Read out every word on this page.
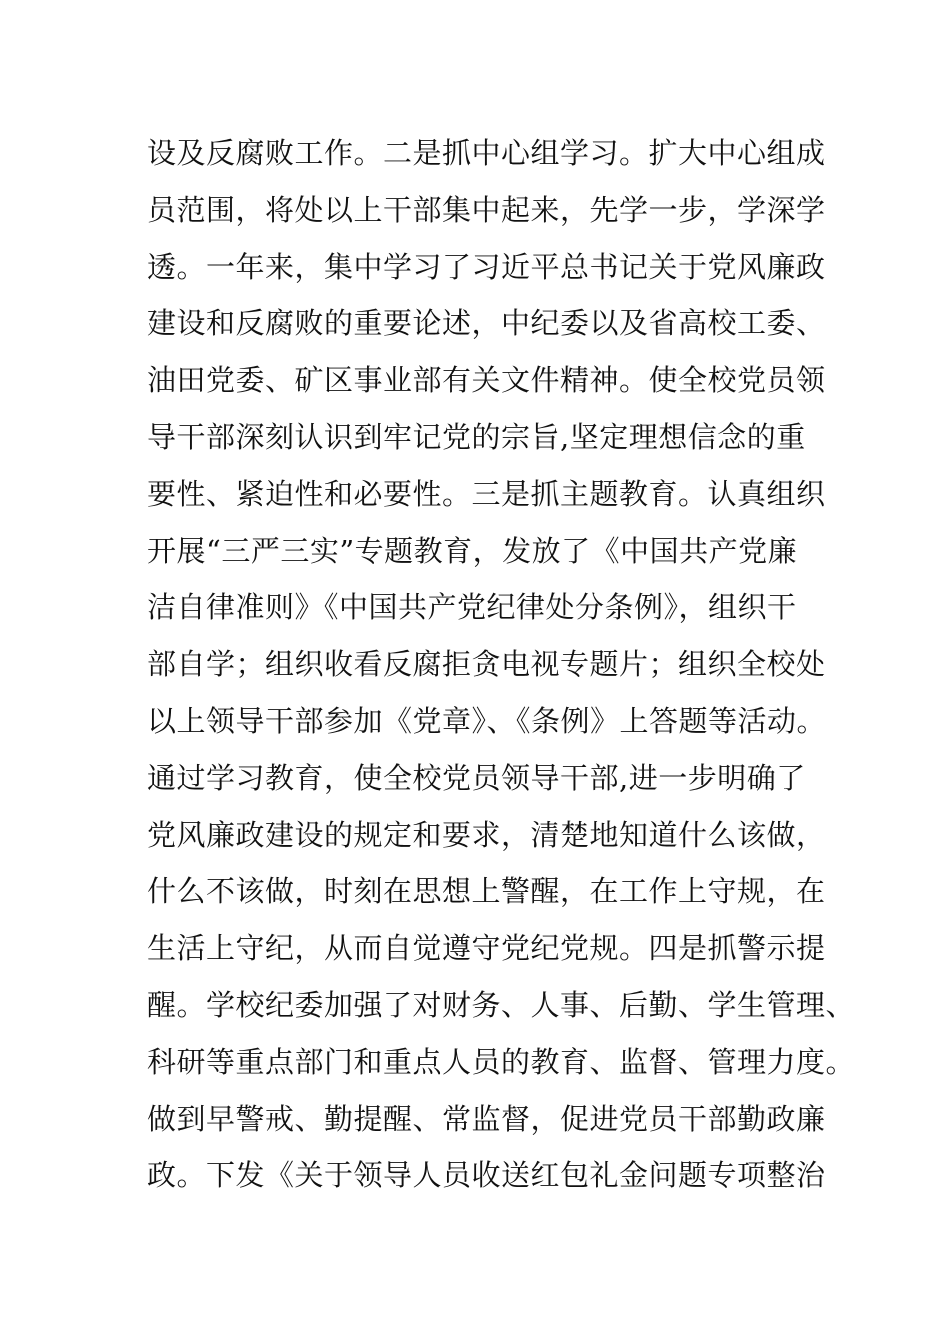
设及反腐败工作。二是抓中心组学习。扩大中心组成
员范围，将处以上干部集中起来，先学一步，学深学
透。一年来，集中学习了习近平总书记关于党风廉政
建设和反腐败的重要论述，中纪委以及省高校工委、
油田党委、矿区事业部有关文件精神。使全校党员领
导干部深刻认识到牢记党的宗旨,坚定理想信念的重
要性、紧迫性和必要性。三是抓主题教育。认真组织
开展“三严三实”专题教育，发放了《中国共产党廉
洁自律准则》《中国共产党纪律处分条例》，组织干
部自学；组织收看反腐拒贪电视专题片；组织全校处
以上领导干部参加《党章》、《条例》上答题等活动。
通过学习教育，使全校党员领导干部,进一步明确了
党风廉政建设的规定和要求，清楚地知道什么该做，
什么不该做，时刻在思想上警醒，在工作上守规，在
生活上守纪，从而自觉遵守党纪党规。四是抓警示提
醒。学校纪委加强了对财务、人事、后勤、学生管理、
科研等重点部门和重点人员的教育、监督、管理力度。
做到早警戒、勤提醒、常监督，促进党员干部勤政廉
政。下发《关于领导人员收送红包礼金问题专项整治
